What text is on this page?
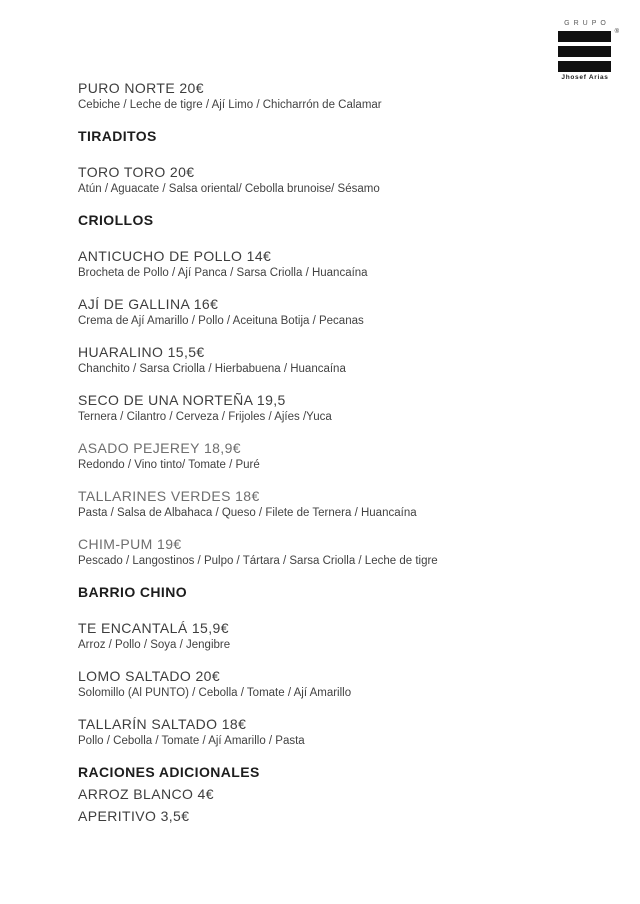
GRUPO
®
Jhosef Arias
PURO NORTE 20€
Cebiche / Leche de tigre / Ají Limo / Chicharrón de Calamar
TIRADITOS
TORO TORO 20€
Atún / Aguacate / Salsa oriental/ Cebolla brunoise/ Sésamo
CRIOLLOS
ANTICUCHO DE POLLO 14€
Brocheta de Pollo / Ají Panca / Sarsa Criolla / Huancaína
AJÍ DE GALLINA 16€
Crema de Ají Amarillo / Pollo / Aceituna Botija / Pecanas
HUARALINO 15,5€
Chanchito / Sarsa Criolla / Hierbabuena / Huancaína
SECO DE UNA NORTEÑA 19,5
Ternera / Cilantro / Cerveza / Frijoles / Ajíes /Yuca
ASADO PEJEREY 18,9€
Redondo / Vino tinto/ Tomate / Puré
TALLARINES VERDES 18€
Pasta / Salsa de Albahaca / Queso / Filete de Ternera / Huancaína
CHIM-PUM 19€
Pescado / Langostinos / Pulpo / Tártara / Sarsa Criolla / Leche de tigre
BARRIO CHINO
TE ENCANTALÁ 15,9€
Arroz / Pollo / Soya / Jengibre
LOMO SALTADO 20€
Solomillo (Al PUNTO) / Cebolla / Tomate / Ají Amarillo
TALLARÍN SALTADO 18€
Pollo / Cebolla / Tomate / Ají Amarillo / Pasta
RACIONES ADICIONALES
ARROZ BLANCO 4€
APERITIVO 3,5€
